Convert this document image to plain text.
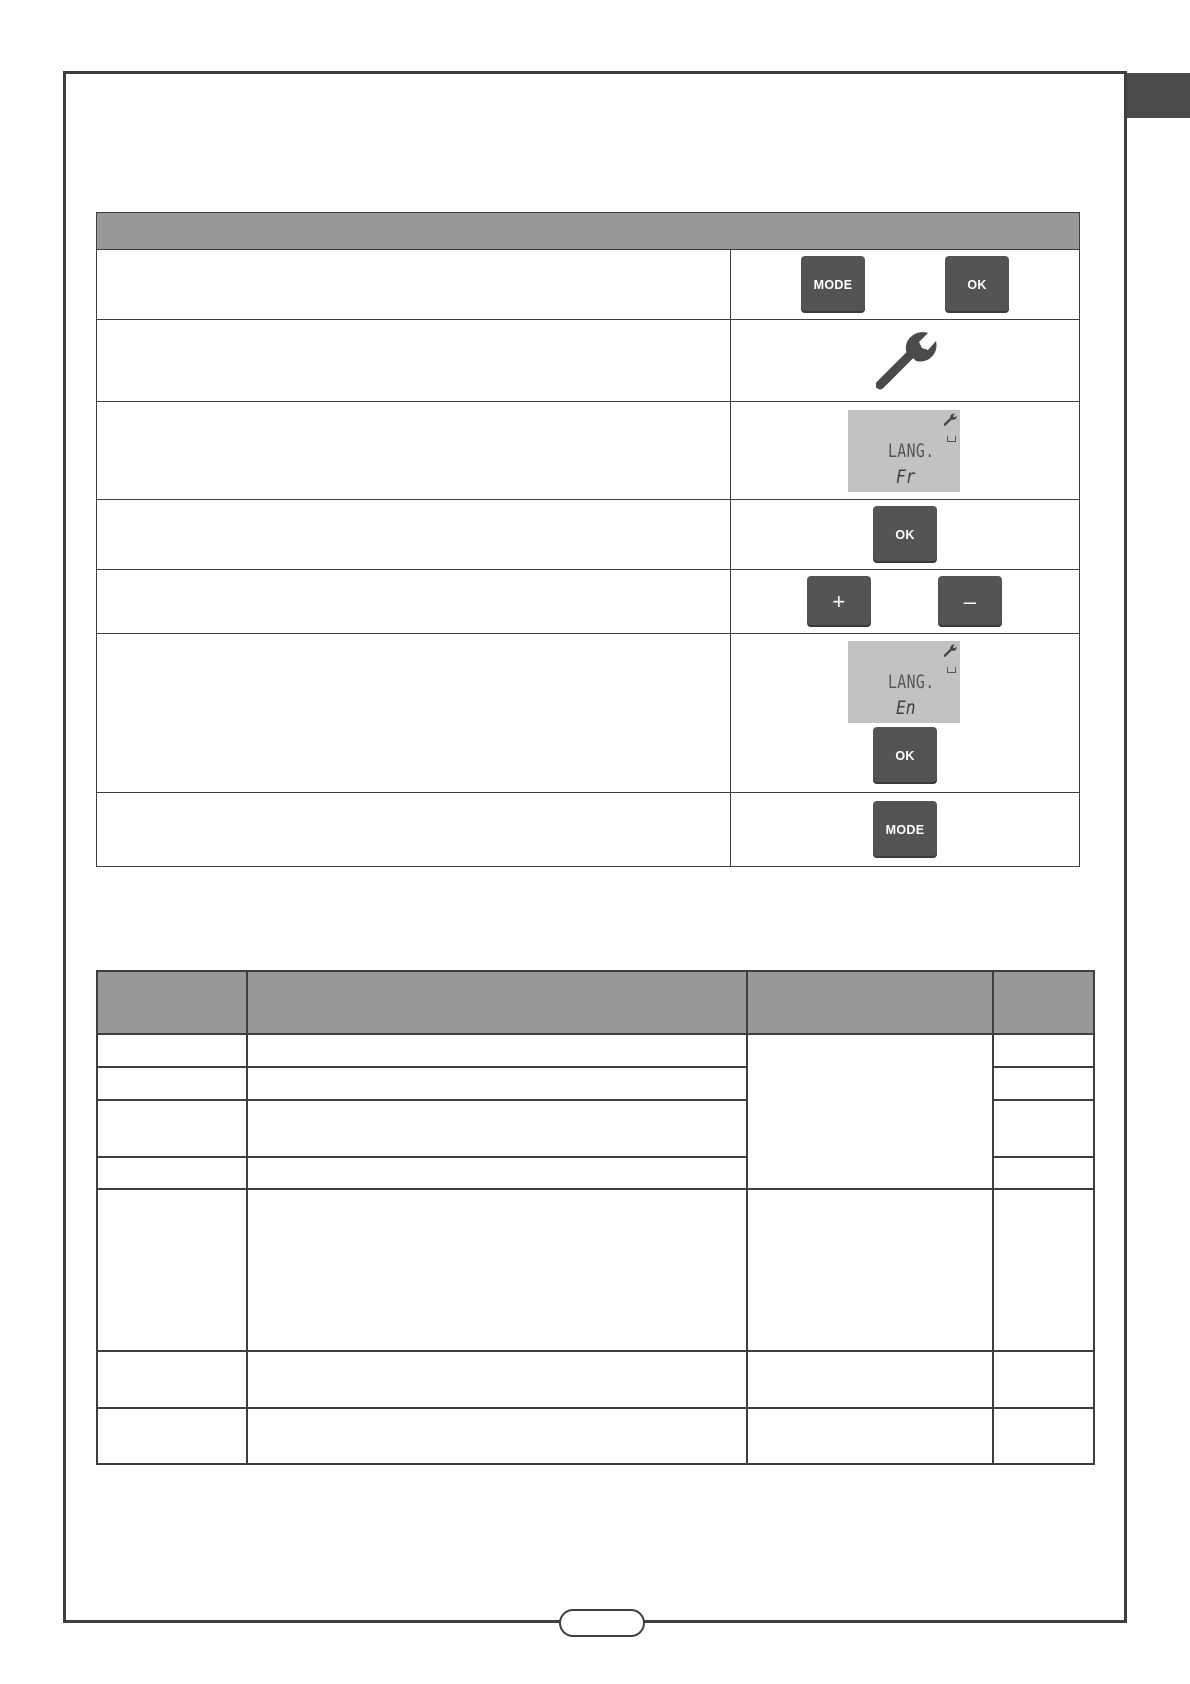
MODE	OK
LANG.
Fr
OK
+	–
LANG.
En
OK
MODE
